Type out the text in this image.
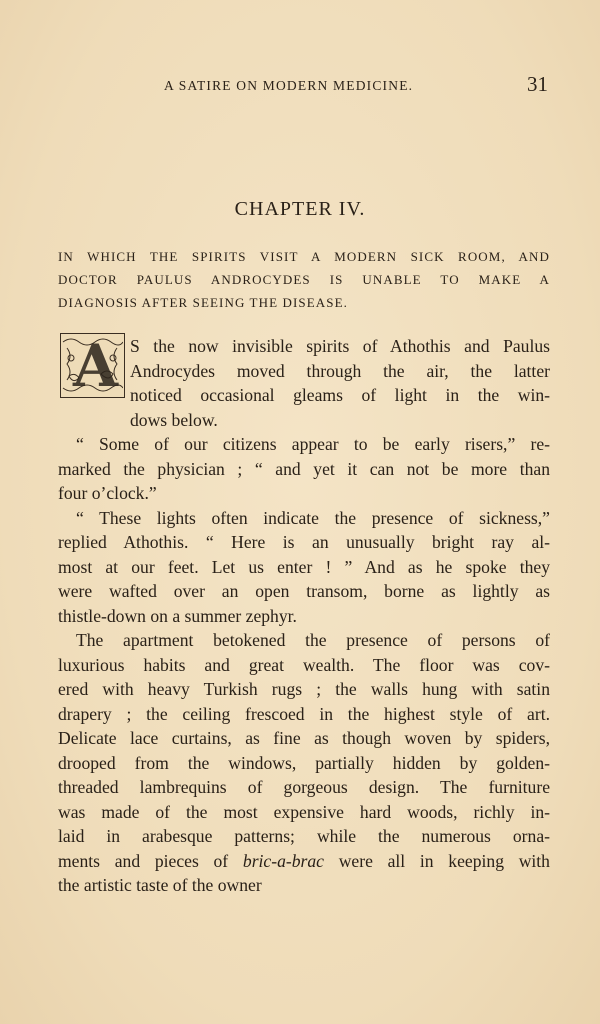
A SATIRE ON MODERN MEDICINE.	31
CHAPTER IV.
IN WHICH THE SPIRITS VISIT A MODERN SICK ROOM, AND
DOCTOR PAULUS ANDROCYDES IS UNABLE TO MAKE A
DIAGNOSIS AFTER SEEING THE DISEASE.
A S the now invisible spirits of Athothis and Paulus
Androcydes moved through the air, the latter
noticed occasional gleams of light in the win-
dows below.
“ Some of our citizens appear to be early risers,” re-
marked the physician ; “ and yet it can not be more than
four o’clock.”
“ These lights often indicate the presence of sickness,”
replied Athothis. “ Here is an unusually bright ray al-
most at our feet. Let us enter ! ” And as he spoke they
were wafted over an open transom, borne as lightly as
thistle-down on a summer zephyr.
The apartment betokened the presence of persons of
luxurious habits and great wealth. The floor was cov-
ered with heavy Turkish rugs ; the walls hung with satin
drapery ; the ceiling frescoed in the highest style of art.
Delicate lace curtains, as fine as though woven by spiders,
drooped from the windows, partially hidden by golden-
threaded lambrequins of gorgeous design. The furniture
was made of the most expensive hard woods, richly in-
laid in arabesque patterns; while the numerous orna-
ments and pieces of bric-a-brac were all in keeping with
the artistic taste of the owner
